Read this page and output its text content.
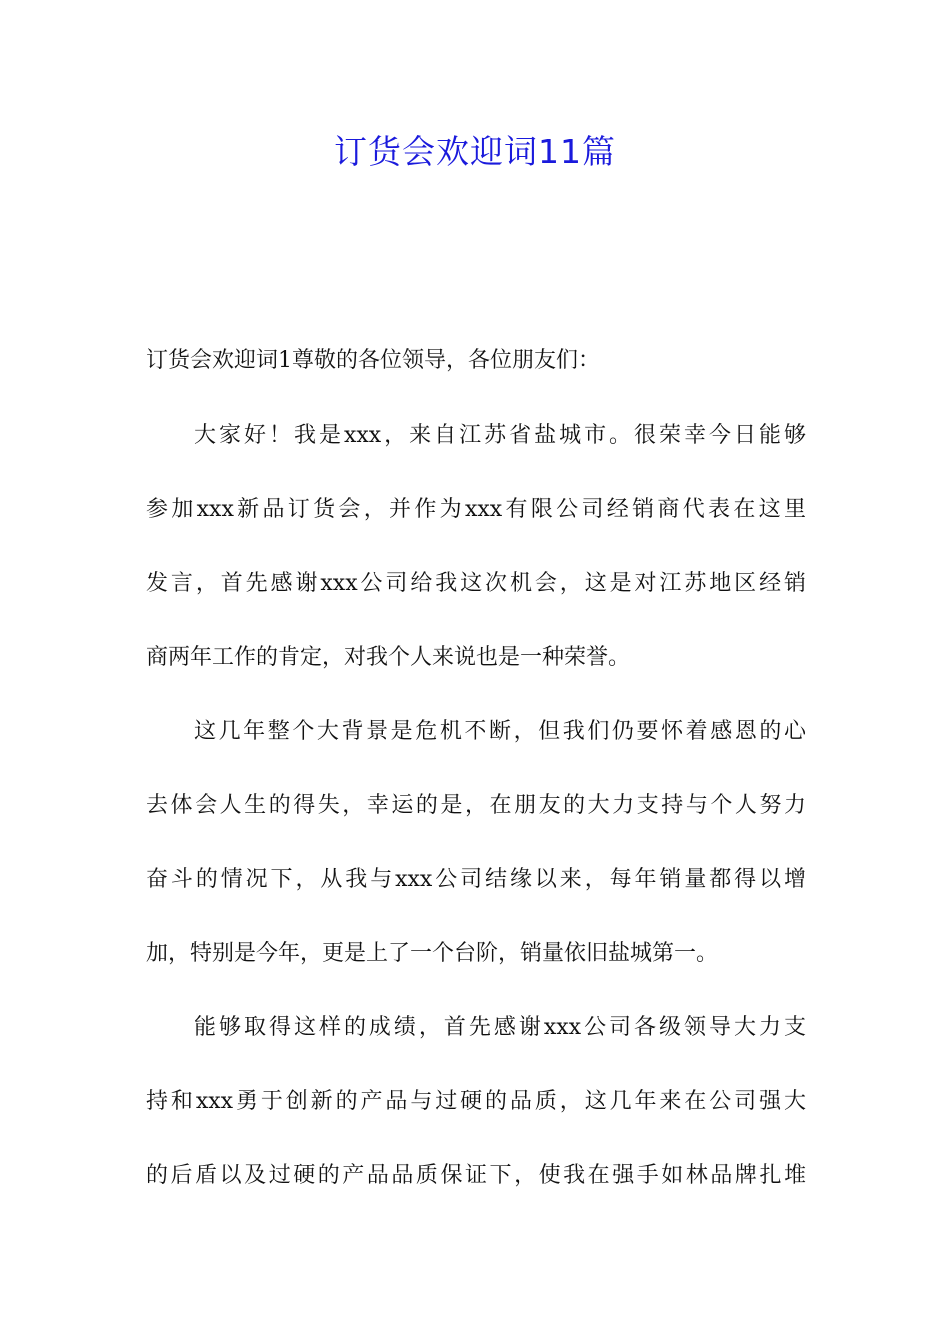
订货会欢迎词11篇
订货会欢迎词1尊敬的各位领导，各位朋友们：
大家好！我是xxx，来自江苏省盐城市。很荣幸今日能够
参加xxx新品订货会，并作为xxx有限公司经销商代表在这里
发言，首先感谢xxx公司给我这次机会，这是对江苏地区经销
商两年工作的肯定，对我个人来说也是一种荣誉。
这几年整个大背景是危机不断，但我们仍要怀着感恩的心
去体会人生的得失，幸运的是，在朋友的大力支持与个人努力
奋斗的情况下，从我与xxx公司结缘以来，每年销量都得以增
加，特别是今年，更是上了一个台阶，销量依旧盐城第一。
能够取得这样的成绩，首先感谢xxx公司各级领导大力支
持和xxx勇于创新的产品与过硬的品质，这几年来在公司强大
的后盾以及过硬的产品品质保证下，使我在强手如林品牌扎堆
